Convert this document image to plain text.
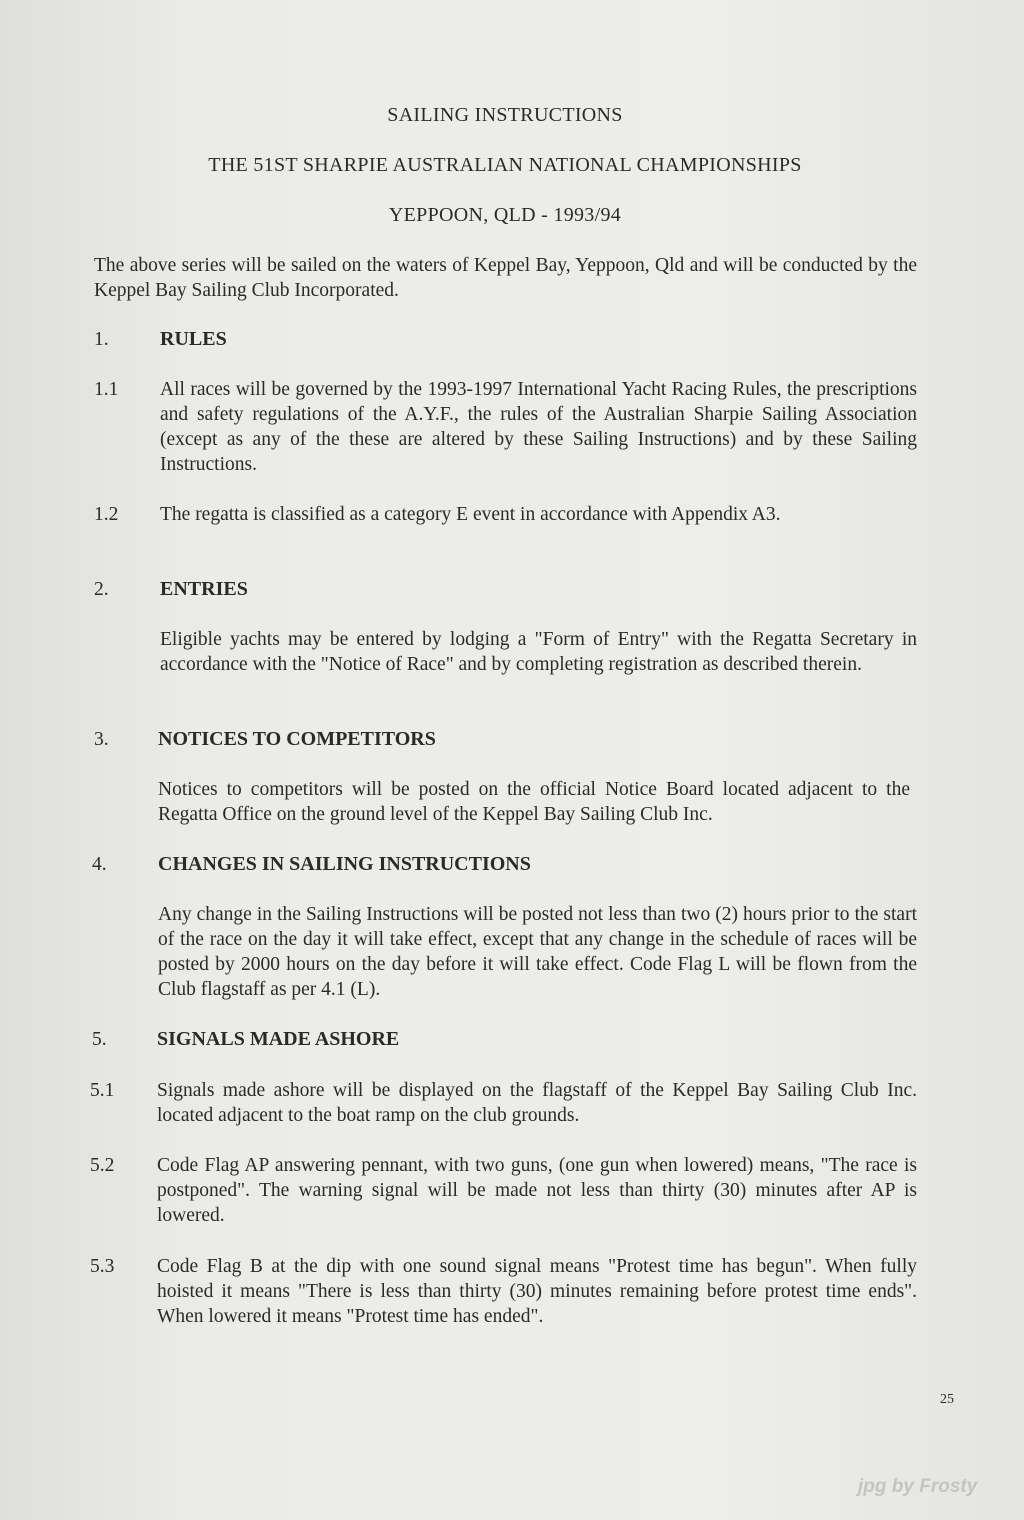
SAILING INSTRUCTIONS
THE 51ST SHARPIE AUSTRALIAN NATIONAL CHAMPIONSHIPS
YEPPOON, QLD - 1993/94
The above series will be sailed on the waters of Keppel Bay, Yeppoon, Qld and will be conducted by the Keppel Bay Sailing Club Incorporated.
1.	RULES
1.1 All races will be governed by the 1993-1997 International Yacht Racing Rules, the prescriptions and safety regulations of the A.Y.F., the rules of the Australian Sharpie Sailing Association (except as any of the these are altered by these Sailing Instructions) and by these Sailing Instructions.
1.2 The regatta is classified as a category E event in accordance with Appendix A3.
2.	ENTRIES
Eligible yachts may be entered by lodging a "Form of Entry" with the Regatta Secretary in accordance with the "Notice of Race" and by completing registration as described therein.
3. NOTICES TO COMPETITORS
Notices to competitors will be posted on the official Notice Board located adjacent to the Regatta Office on the ground level of the Keppel Bay Sailing Club Inc.
4.	CHANGES IN SAILING INSTRUCTIONS
Any change in the Sailing Instructions will be posted not less than two (2) hours prior to the start of the race on the day it will take effect, except that any change in the schedule of races will be posted by 2000 hours on the day before it will take effect. Code Flag L will be flown from the Club flagstaff as per 4.1 (L).
5.	SIGNALS MADE ASHORE
5.1 Signals made ashore will be displayed on the flagstaff of the Keppel Bay Sailing Club Inc. located adjacent to the boat ramp on the club grounds.
5.2 Code Flag AP answering pennant, with two guns, (one gun when lowered) means, "The race is postponed". The warning signal will be made not less than thirty (30) minutes after AP is lowered.
5.3 Code Flag B at the dip with one sound signal means "Protest time has begun". When fully hoisted it means "There is less than thirty (30) minutes remaining before protest time ends". When lowered it means "Protest time has ended".
25
jpg by Frosty
